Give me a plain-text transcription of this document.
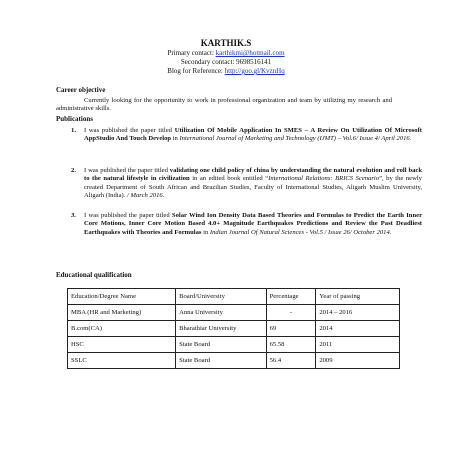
KARTHIK.S
Primary contact: karthikmi@hotmail.com
Secondary contact: 9698516141
Blog for Reference: http://goo.gl/KvznHq
Career objective
Currently looking for the opportunity to work in professional organization and team by utilizing my research and administrative skills.
Publications
1. I was published the paper titled Utilization Of Mobile Application In SMES – A Review On Utilization Of Microsoft AppStudio And Touch Develop in International Journal of Marketing and Technology (IJMT) – Vol.6/ Issue 4/ April 2016.
2. I was published the paper titled validating one child policy of china by understanding the natural evolution and roll back to the natural lifestyle in civilization in an edited book entitled “International Relations: BRICS Scenario”, by the newly created Department of South African and Brazilian Studies, Faculty of International Studies, Aligarh Muslim University, Aligarh (India). / March 2016.
3. I was published the paper titled Solar Wind Ion Density Data Based Theories and Formulas to Predict the Earth Inner Core Motions, Inner Core Motion Based 4.0+ Magnitude Earthquakes Predictions and Review the Past Deadliest Earthquakes with Theories and Formulas in Indian Journal Of Natural Sciences - Vol.5 / Issue 26/ October 2014.
Educational qualification
Education/Degree Name	Board/University	Percentage	Year of passing
MBA (HR and Marketing)	Anna University	-	2014 – 2016
B.com(CA)	Bharathiar University	69	2014
HSC	State Board	65.58	2011
SSLC	State Board	56.4	2009
